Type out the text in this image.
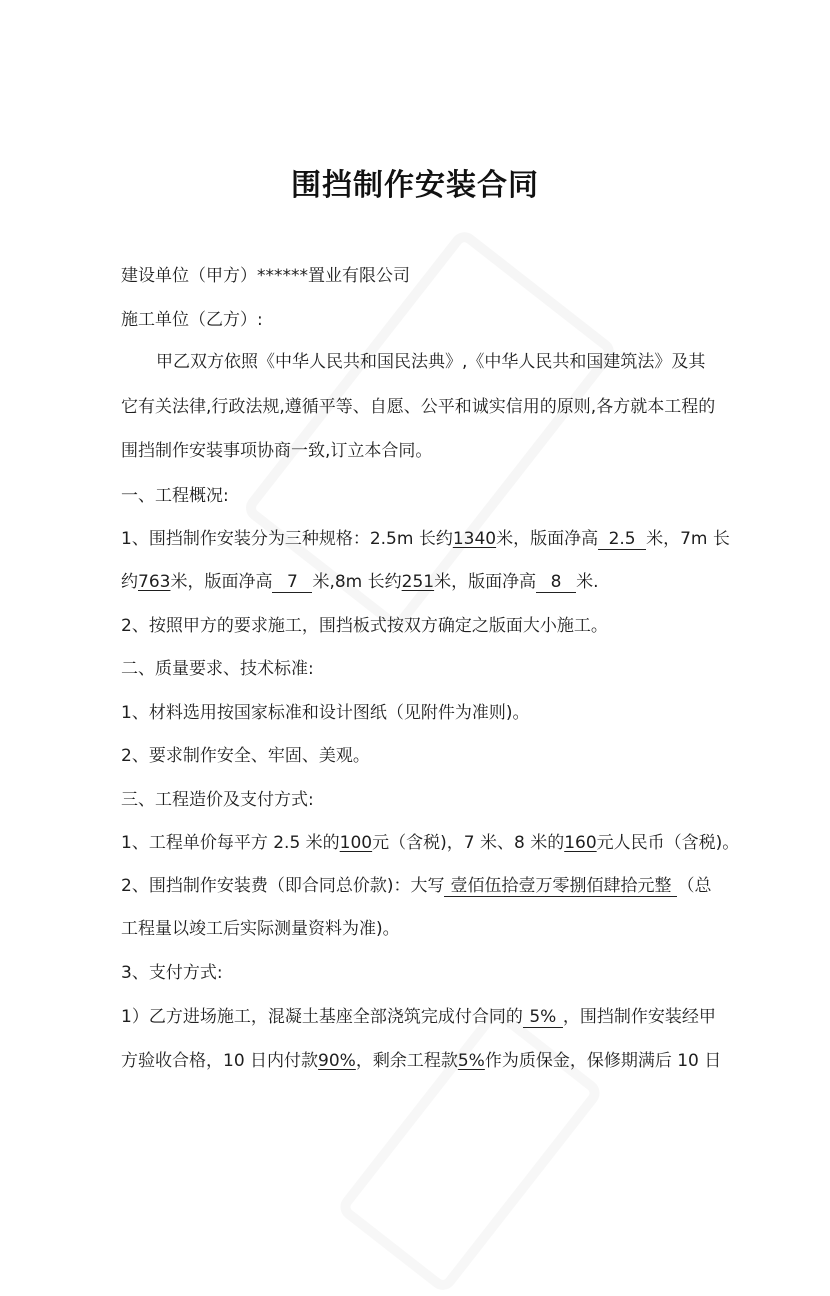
围挡制作安装合同
建设单位（甲方）******置业有限公司
施工单位（乙方）:
甲乙双方依照《中华人民共和国民法典》,《中华人民共和国建筑法》及其
它有关法律,行政法规,遵循平等、自愿、公平和诚实信用的原则,各方就本工程的
围挡制作安装事项协商一致,订立本合同。
一、工程概况:
1、围挡制作安装分为三种规格：2.5m 长约1340米，版面净高 2.5 米，7m 长
约763米，版面净高 7 米,8m 长约251米，版面净高 8 米.
2、按照甲方的要求施工，围挡板式按双方确定之版面大小施工。
二、质量要求、技术标准:
1、材料选用按国家标准和设计图纸（见附件为准则)。
2、要求制作安全、牢固、美观。
三、工程造价及支付方式:
1、工程单价每平方 2.5 米的100元（含税)，7 米、8 米的160元人民币（含税)。
2、围挡制作安装费（即合同总价款)：大写 壹佰伍拾壹万零捌佰肆拾元整 （总
工程量以竣工后实际测量资料为准)。
3、支付方式:
1）乙方进场施工，混凝土基座全部浇筑完成付合同的 5% ，围挡制作安装经甲
方验收合格，10 日内付款90%，剩余工程款5%作为质保金，保修期满后 10 日
